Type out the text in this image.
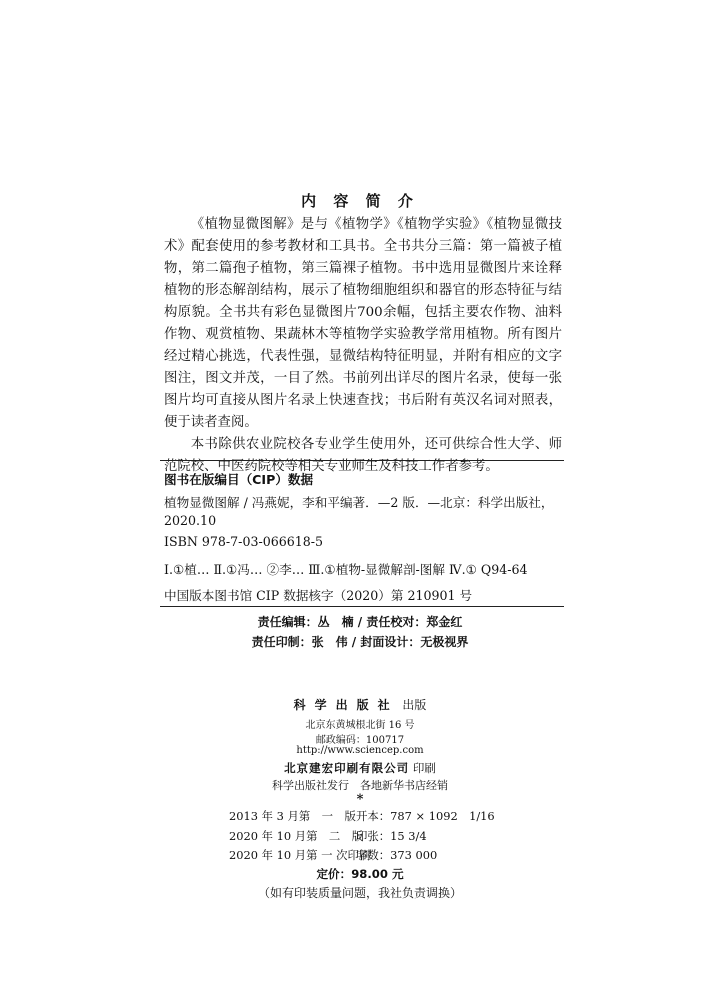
内 容 简 介

《植物显微图解》是与《植物学》《植物学实验》《植物显微技术》配套使用的参考教材和工具书。全书共分三篇：第一篇被子植物，第二篇孢子植物，第三篇裸子植物。书中选用显微图片来诠释植物的形态解剖结构，展示了植物细胞组织和器官的形态特征与结构原貌。全书共有彩色显微图片700余幅，包括主要农作物、油料作物、观赏植物、果蔬林木等植物学实验教学常用植物。所有图片经过精心挑选，代表性强，显微结构特征明显，并附有相应的文字图注，图文并茂，一目了然。书前列出详尽的图片名录，使每一张图片均可直接从图片名录上快速查找；书后附有英汉名词对照表，便于读者查阅。

本书除供农业院校各专业学生使用外，还可供综合性大学、师范院校、中医药院校等相关专业师生及科技工作者参考。

图书在版编目（CIP）数据
植物显微图解 / 冯燕妮，李和平编著．—2 版．—北京：科学出版社，
2020.10
ISBN 978-7-03-066618-5
Ⅰ.①植… Ⅱ.①冯… ②李… Ⅲ.①植物-显微解剖-图解 Ⅳ.① Q94-64
中国版本图书馆 CIP 数据核字（2020）第 210901 号
责任编辑：丛　楠 / 责任校对：郑金红
责任印制：张　伟 / 封面设计：无极视界
科学出版社 出版
北京东黄城根北街 16 号
邮政编码：100717
http://www.sciencep.com
北京建宏印刷有限公司 印刷
科学出版社发行　各地新华书店经销
*
2013 年 3 月第　一　版开本：787 × 1092　1/16
2020 年 10 月第　二　版印张：15 3/4
2020 年 10 月第 一 次印刷字数：373 000
定价：98.00 元
（如有印装质量问题，我社负责调换）
